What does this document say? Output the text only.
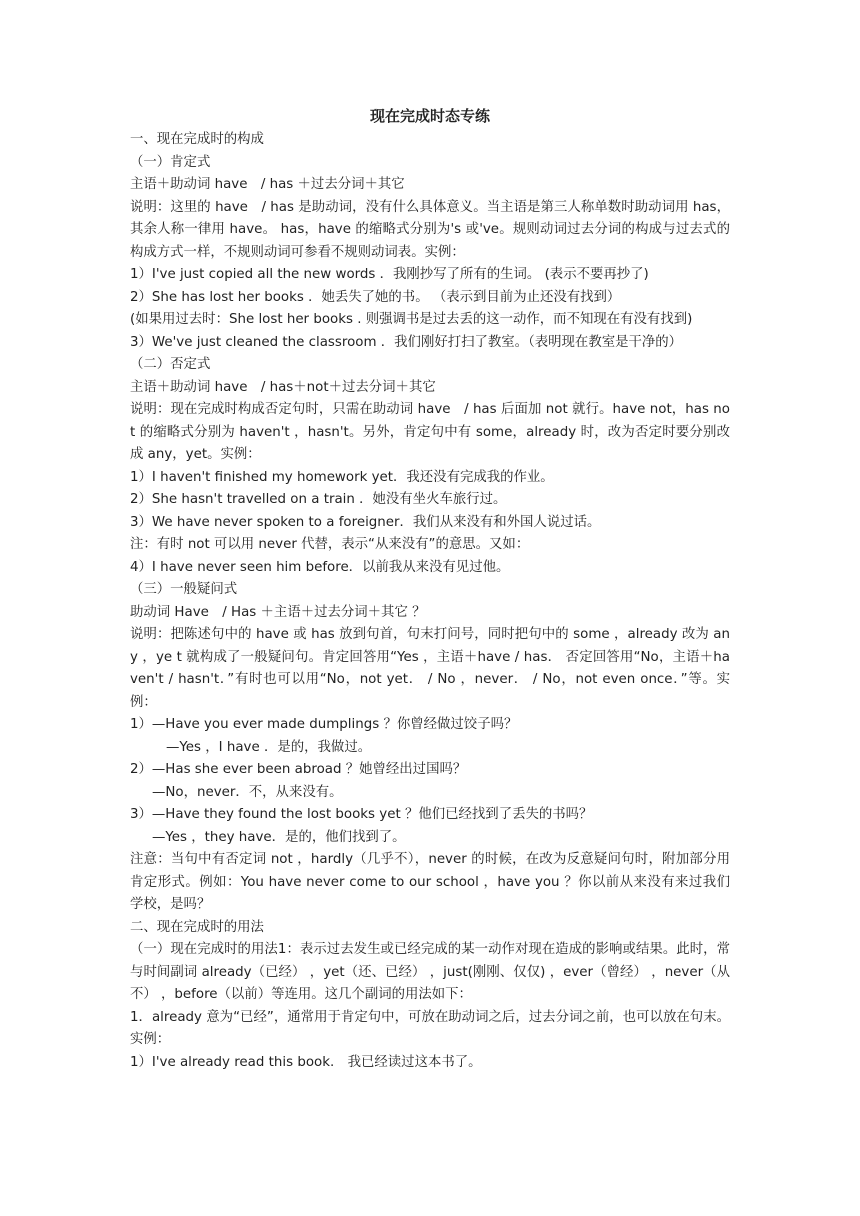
现在完成时态专练
一、现在完成时的构成
（一）肯定式
主语＋助动词 have　/ has ＋过去分词＋其它
说明：这里的 have　/ has 是助动词，没有什么具体意义。当主语是第三人称单数时助动词用 has，其余人称一律用 have。 has，have 的缩略式分别为's 或've。规则动词过去分词的构成与过去式的构成方式一样，不规则动词可参看不规则动词表。实例：
1）I've just copied all the new words ．我刚抄写了所有的生词。 (表示不要再抄了)
2）She has lost her books ．她丢失了她的书。 （表示到目前为止还没有找到）
(如果用过去时：She lost her books . 则强调书是过去丢的这一动作，而不知现在有没有找到)
3）We've just cleaned the classroom ．我们刚好打扫了教室。（表明现在教室是干净的）
（二）否定式
主语＋助动词 have　/ has＋not＋过去分词＋其它
说明：现在完成时构成否定句时，只需在助动词 have　/ has 后面加 not 就行。have not，has not 的缩略式分别为 haven't ，hasn't。另外，肯定句中有 some，already 时，改为否定时要分别改成 any，yet。实例：
1）I haven't finished my homework yet．我还没有完成我的作业。
2）She hasn't travelled on a train ．她没有坐火车旅行过。
3）We have never spoken to a foreigner．我们从来没有和外国人说过话。
注：有时 not 可以用 never 代替，表示“从来没有”的意思。又如：
4）I have never seen him before．以前我从来没有见过他。
（三）一般疑问式
助动词 Have　/ Has ＋主语＋过去分词＋其它 ？
说明：把陈述句中的 have 或 has 放到句首，句末打问号，同时把句中的 some ，already 改为 any ，ye t 就构成了一般疑问句。肯定回答用“Yes ，主语＋have / has． 否定回答用“No，主语＋haven't / hasn't．”有时也可以用“No，not yet． / No ，never． / No，not even once．”等。实例：
1）—Have you ever made dumplings ？你曾经做过饺子吗？
—Yes ，I have ．是的，我做过。
2）—Has she ever been abroad ？她曾经出过国吗？
—No，never．不，从来没有。
3）—Have they found the lost books yet ？他们已经找到了丢失的书吗？
—Yes ，they have．是的，他们找到了。
注意：当句中有否定词 not ，hardly（几乎不），never 的时候，在改为反意疑问句时，附加部分用肯定形式。例如：You have never come to our school ，have you ？你以前从来没有来过我们学校，是吗？
二、现在完成时的用法
（一）现在完成时的用法1：表示过去发生或已经完成的某一动作对现在造成的影响或结果。此时，常与时间副词 already（已经） ，yet（还、已经） ，just(刚刚、仅仅) ，ever（曾经） ，never（从不） ，before（以前）等连用。这几个副词的用法如下：
1．already 意为“已经”，通常用于肯定句中，可放在助动词之后，过去分词之前，也可以放在句末。实例：
1）I've already read this book.　我已经读过这本书了。
